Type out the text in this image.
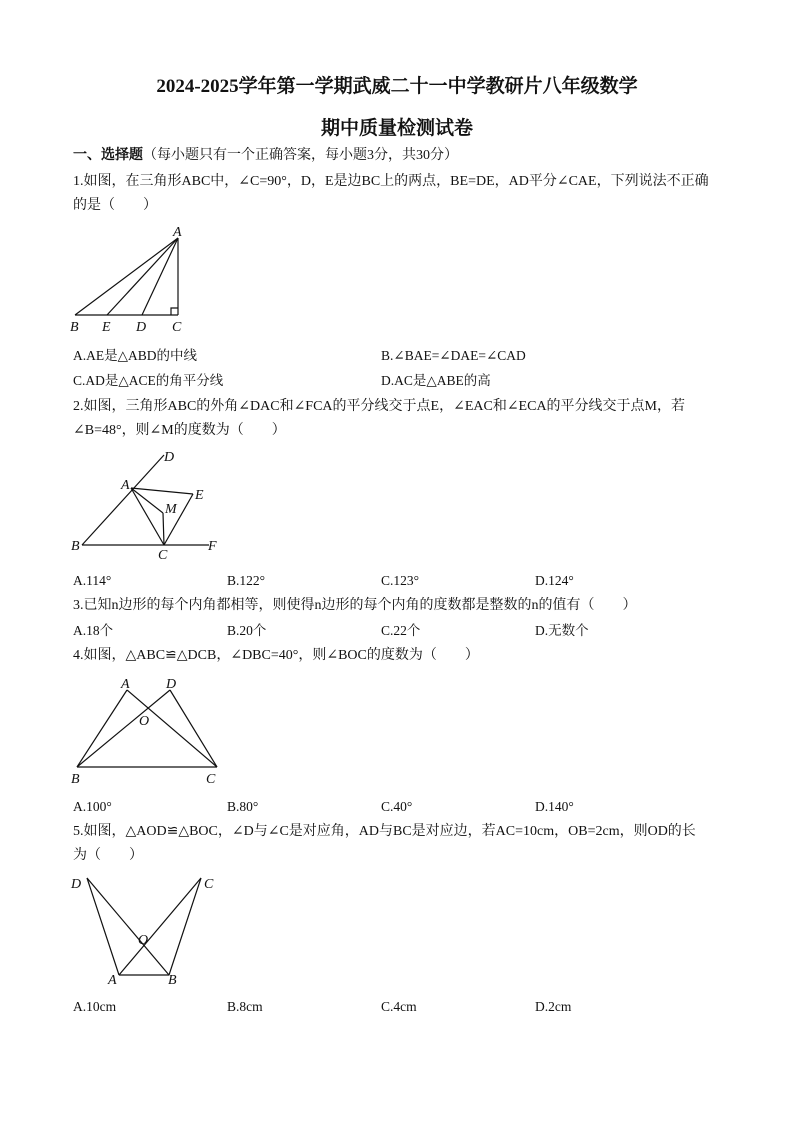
2024-2025学年第一学期武威二十一中学教研片八年级数学
期中质量检测试卷
一、选择题（每小题只有一个正确答案，每小题3分，共30分）
1.如图，在三角形ABC中，∠C=90°，D，E是边BC上的两点，BE=DE，AD平分∠CAE，下列说法不正确
的是（　　）
A
B E D C
A.AE是△ABD的中线	B.∠BAE=∠DAE=∠CAD
C.AD是△ACE的角平分线	D.AC是△ABE的高
2.如图，三角形ABC的外角∠DAC和∠FCA的平分线交于点E，∠EAC和∠ECA的平分线交于点M，若
∠B=48°，则∠M的度数为（　　）
D
A
E
M
B
C
F
A.114°	B.122°	C.123°	D.124°
3.已知n边形的每个内角都相等，则使得n边形的每个内角的度数都是整数的n的值有（　　）
A.18个	B.20个	C.22个	D.无数个
4.如图，△ABC≌△DCB，∠DBC=40°，则∠BOC的度数为（　　）
A	D
O
B	C
A.100°	B.80°	C.40°	D.140°
5.如图，△AOD≌△BOC，∠D与∠C是对应角，AD与BC是对应边，若AC=10cm，OB=2cm，则OD的长
为（　　）
D	C
O
A	B
A.10cm	B.8cm	C.4cm	D.2cm
